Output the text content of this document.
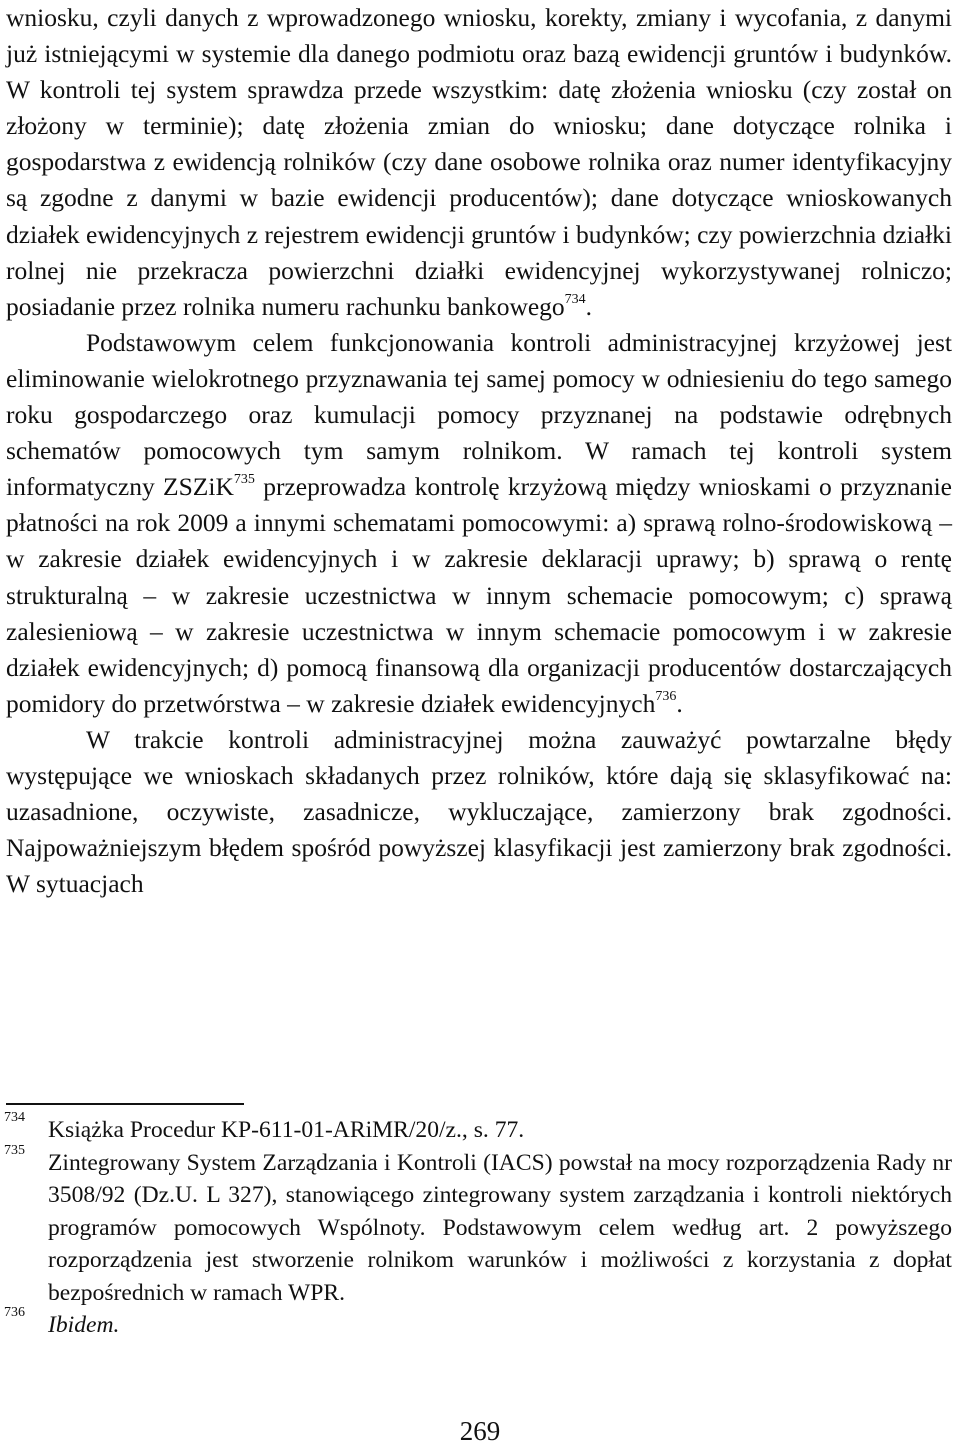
wniosku, czyli danych z wprowadzonego wniosku, korekty, zmiany i wycofania, z danymi już istniejącymi w systemie dla danego podmiotu oraz bazą ewidencji gruntów i budynków. W kontroli tej system sprawdza przede wszystkim: datę złożenia wniosku (czy został on złożony w terminie); datę złożenia zmian do wniosku; dane dotyczące rolnika i gospodarstwa z ewidencją rolników (czy dane osobowe rolnika oraz numer identyfikacyjny są zgodne z danymi w bazie ewidencji producentów); dane dotyczące wnioskowanych działek ewidencyjnych z rejestrem ewidencji gruntów i budynków; czy powierzchnia działki rolnej nie przekracza powierzchni działki ewidencyjnej wykorzystywanej rolniczo; posiadanie przez rolnika numeru rachunku bankowego$^{734}$.

Podstawowym celem funkcjonowania kontroli administracyjnej krzyżowej jest eliminowanie wielokrotnego przyznawania tej samej pomocy w odniesieniu do tego samego roku gospodarczego oraz kumulacji pomocy przyznanej na podstawie odrębnych schematów pomocowych tym samym rolnikom. W ramach tej kontroli system informatyczny ZSZiK$^{735}$ przeprowadza kontrolę krzyżową między wnioskami o przyznanie płatności na rok 2009 a innymi schematami pomocowymi: a) sprawą rolno-środowiskową – w zakresie działek ewidencyjnych i w zakresie deklaracji uprawy; b) sprawą o rentę strukturalną – w zakresie uczestnictwa w innym schemacie pomocowym; c) sprawą zalesieniową – w zakresie uczestnictwa w innym schemacie pomocowym i w zakresie działek ewidencyjnych; d) pomocą finansową dla organizacji producentów dostarczających pomidory do przetwórstwa – w zakresie działek ewidencyjnych$^{736}$.

W trakcie kontroli administracyjnej można zauważyć powtarzalne błędy występujące we wnioskach składanych przez rolników, które dają się sklasyfikować na: uzasadnione, oczywiste, zasadnicze, wykluczające, zamierzony brak zgodności. Najpoważniejszym błędem spośród powyższej klasyfikacji jest zamierzony brak zgodności. W sytuacjach

734 Książka Procedur KP-611-01-ARiMR/20/z., s. 77.

735 Zintegrowany System Zarządzania i Kontroli (IACS) powstał na mocy rozporządzenia Rady nr 3508/92 (Dz.U. L 327), stanowiącego zintegrowany system zarządzania i kontroli niektórych programów pomocowych Wspólnoty. Podstawowym celem według art. 2 powyższego rozporządzenia jest stworzenie rolnikom warunków i możliwości z korzystania z dopłat bezpośrednich w ramach WPR.

736 Ibidem.

269
